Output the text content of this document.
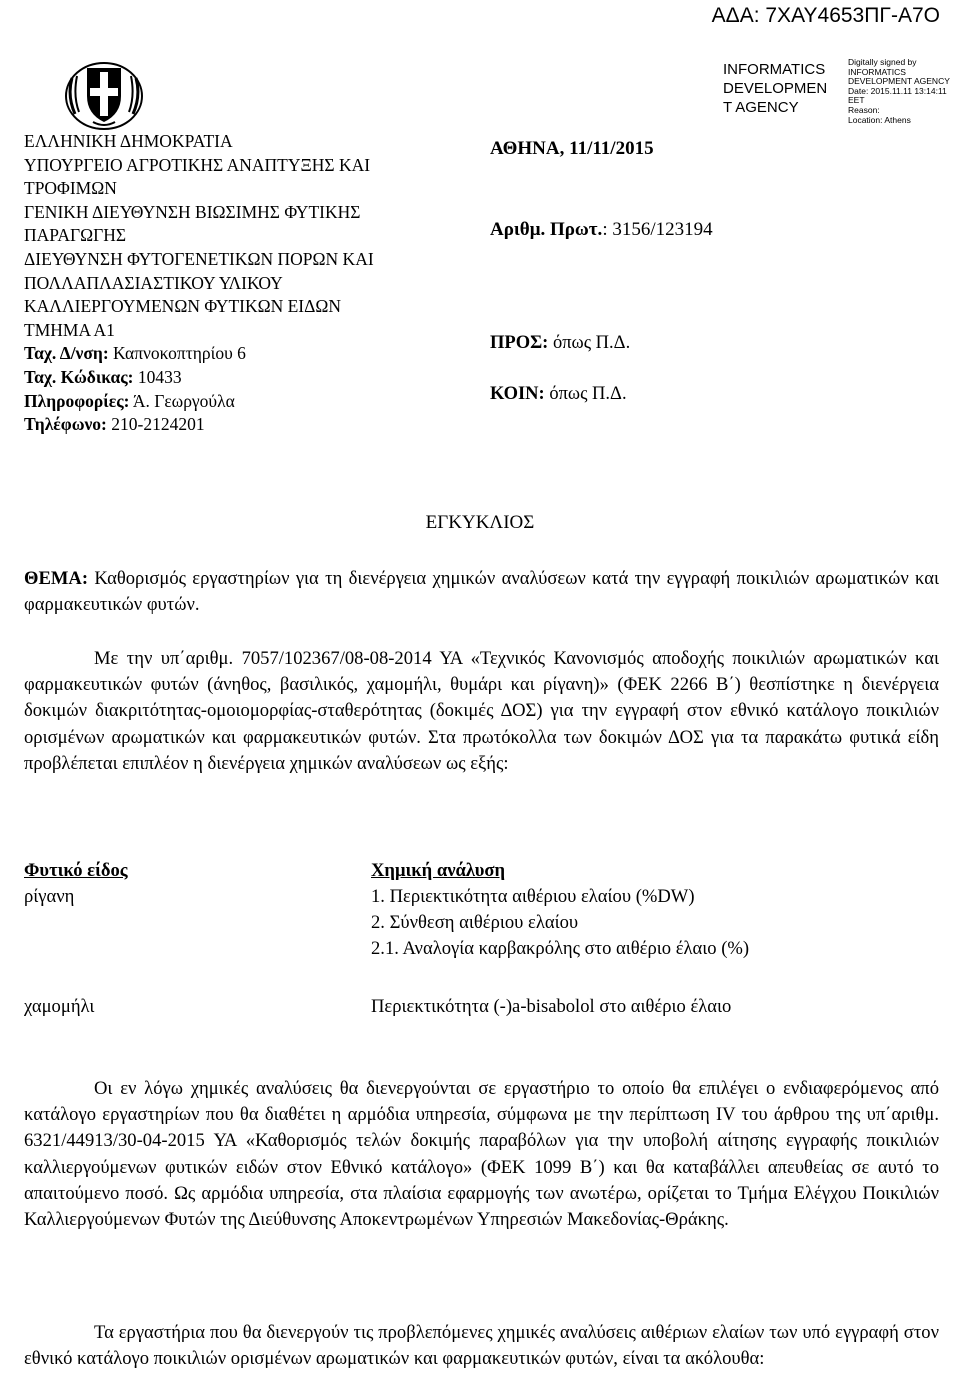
ΑΔΑ: 7ΧΑΥ4653ΠΓ-Α7Ο
INFORMATICS
DEVELOPMEN
T AGENCY
Digitally signed by
INFORMATICS
DEVELOPMENT AGENCY
Date: 2015.11.11 13:14:11
EET
Reason:
Location: Athens
ΕΛΛΗΝΙΚΗ ΔΗΜΟΚΡΑΤΙΑ
ΥΠΟΥΡΓΕΙΟ ΑΓΡΟΤΙΚΗΣ ΑΝΑΠΤΥΞΗΣ ΚΑΙ
ΤΡΟΦΙΜΩΝ
ΓΕΝΙΚΗ ΔΙΕΥΘΥΝΣΗ ΒΙΩΣΙΜΗΣ ΦΥΤΙΚΗΣ
ΠΑΡΑΓΩΓΗΣ
ΔΙΕΥΘΥΝΣΗ ΦΥΤΟΓΕΝΕΤΙΚΩΝ ΠΟΡΩΝ ΚΑΙ
ΠΟΛΛΑΠΛΑΣΙΑΣΤΙΚΟΥ ΥΛΙΚΟΥ
ΚΑΛΛΙΕΡΓΟΥΜΕΝΩΝ ΦΥΤΙΚΩΝ ΕΙΔΩΝ
ΤΜΗΜΑ Α1
Ταχ. Δ/νση: Καπνοκοπτηρίου 6
Ταχ. Κώδικας: 10433
Πληροφορίες: Ά. Γεωργούλα
Τηλέφωνο: 210-2124201
ΑΘΗΝΑ, 11/11/2015
Αριθμ. Πρωτ.: 3156/123194
ΠΡΟΣ: όπως Π.Δ.
ΚΟΙΝ: όπως Π.Δ.
ΕΓΚΥΚΛΙΟΣ

ΘΕΜΑ: Καθορισμός εργαστηρίων για τη διενέργεια χημικών αναλύσεων κατά την εγγραφή ποικιλιών αρωματικών και φαρμακευτικών φυτών.

Με την υπ΄αριθμ. 7057/102367/08-08-2014 ΥΑ «Τεχνικός Κανονισμός αποδοχής ποικιλιών αρωματικών και φαρμακευτικών φυτών (άνηθος, βασιλικός, χαμομήλι, θυμάρι και ρίγανη)» (ΦΕΚ 2266 Β΄) θεσπίστηκε η διενέργεια δοκιμών διακριτότητας-ομοιομορφίας-σταθερότητας (δοκιμές ΔΟΣ) για την εγγραφή στον εθνικό κατάλογο ποικιλιών ορισμένων αρωματικών και φαρμακευτικών φυτών. Στα πρωτόκολλα των δοκιμών ΔΟΣ για τα παρακάτω φυτικά είδη προβλέπεται επιπλέον η διενέργεια χημικών αναλύσεων ως εξής:

Φυτικό είδος	Χημική ανάλυση
ρίγανη	1. Περιεκτικότητα αιθέριου ελαίου (%DW)
2. Σύνθεση αιθέριου ελαίου
2.1. Αναλογία καρβακρόλης στο αιθέριο έλαιο (%)
χαμομήλι	Περιεκτικότητα (-)a-bisabolol στο αιθέριο έλαιο

Οι εν λόγω χημικές αναλύσεις θα διενεργούνται σε εργαστήριο το οποίο θα επιλέγει ο ενδιαφερόμενος από κατάλογο εργαστηρίων που θα διαθέτει η αρμόδια υπηρεσία, σύμφωνα με την περίπτωση IV του άρθρου της υπ΄αριθμ. 6321/44913/30-04-2015 ΥΑ «Καθορισμός τελών δοκιμής παραβόλων για την υποβολή αίτησης εγγραφής ποικιλιών καλλιεργούμενων φυτικών ειδών στον Εθνικό κατάλογο» (ΦΕΚ 1099 Β΄) και θα καταβάλλει απευθείας σε αυτό το απαιτούμενο ποσό. Ως αρμόδια υπηρεσία, στα πλαίσια εφαρμογής των ανωτέρω, ορίζεται το Τμήμα Ελέγχου Ποικιλιών Καλλιεργούμενων Φυτών της Διεύθυνσης Αποκεντρωμένων Υπηρεσιών Μακεδονίας-Θράκης.

Τα εργαστήρια που θα διενεργούν τις προβλεπόμενες χημικές αναλύσεις αιθέριων ελαίων των υπό εγγραφή στον εθνικό κατάλογο ποικιλιών ορισμένων αρωματικών και φαρμακευτικών φυτών, είναι τα ακόλουθα:
